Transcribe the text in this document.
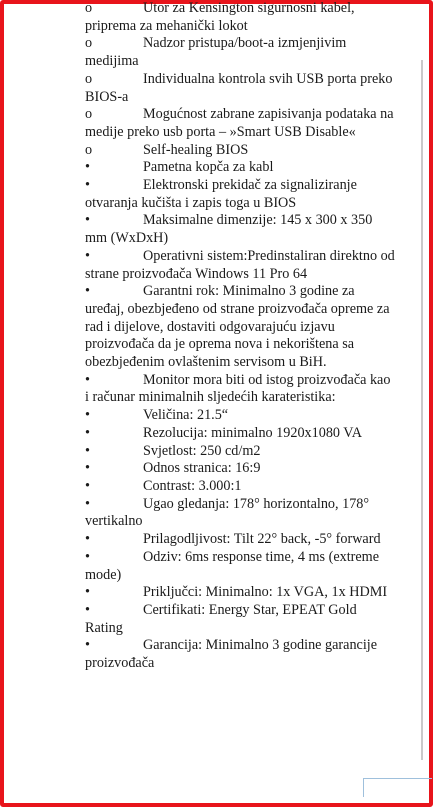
o	Utor za Kensington sigurnosni kabel, priprema za mehanički lokot
o	Nadzor pristupa/boot-a izmjenjivim medijima
o	Individualna kontrola svih USB porta preko BIOS-a
o	Mogućnost zabrane zapisivanja podataka na medije preko usb porta – »Smart USB Disable«
o	Self-healing BIOS
•	Pametna kopča za kabl
•	Elektronski prekidač za signaliziranje otvaranja kučišta i zapis toga u BIOS
•	Maksimalne dimenzije: 145 x 300 x 350 mm (WxDxH)
•	Operativni sistem:Predinstaliran direktno od strane proizvođača Windows 11 Pro 64
•	Garantni rok: Minimalno 3 godine za uređaj, obezbjeđeno od strane proizvođača opreme za rad i dijelove, dostaviti odgovarajuću izjavu proizvođača da je oprema nova i nekorištena sa obezbjeđenim ovlaštenim servisom u BiH.
•	Monitor mora biti od istog proizvođača kao i računar minimalnih sljedećih karateristika:
•	Veličina: 21.5“
•	Rezolucija: minimalno 1920x1080 VA
•	Svjetlost: 250 cd/m2
•	Odnos stranica: 16:9
•	Contrast: 3.000:1
•	Ugao gledanja: 178° horizontalno, 178° vertikalno
•	Prilagodljivost: Tilt 22° back, -5° forward
•	Odziv: 6ms response time, 4 ms (extreme mode)
•	Priključci: Minimalno: 1x VGA, 1x HDMI
•	Certifikati: Energy Star, EPEAT Gold Rating
•	Garancija: Minimalno 3 godine garancije proizvođača
